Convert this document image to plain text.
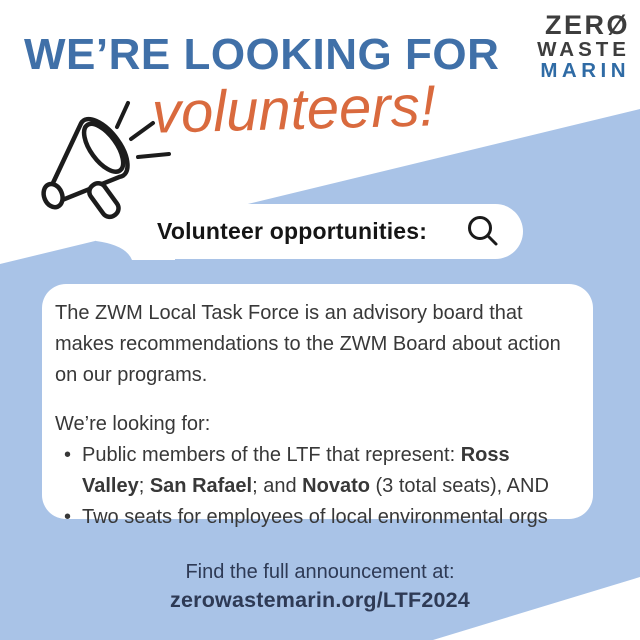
WE’RE LOOKING FOR
ZERØ
WASTE
MARIN
volunteers!
Volunteer opportunities:

The ZWM Local Task Force is an advisory board that makes recommendations to the ZWM Board about action on our programs.

We’re looking for:
• Public members of the LTF that represent: Ross Valley; San Rafael; and Novato (3 total seats), AND
• Two seats for employees of local environmental orgs
Find the full announcement at:
zerowastemarin.org/LTF2024
